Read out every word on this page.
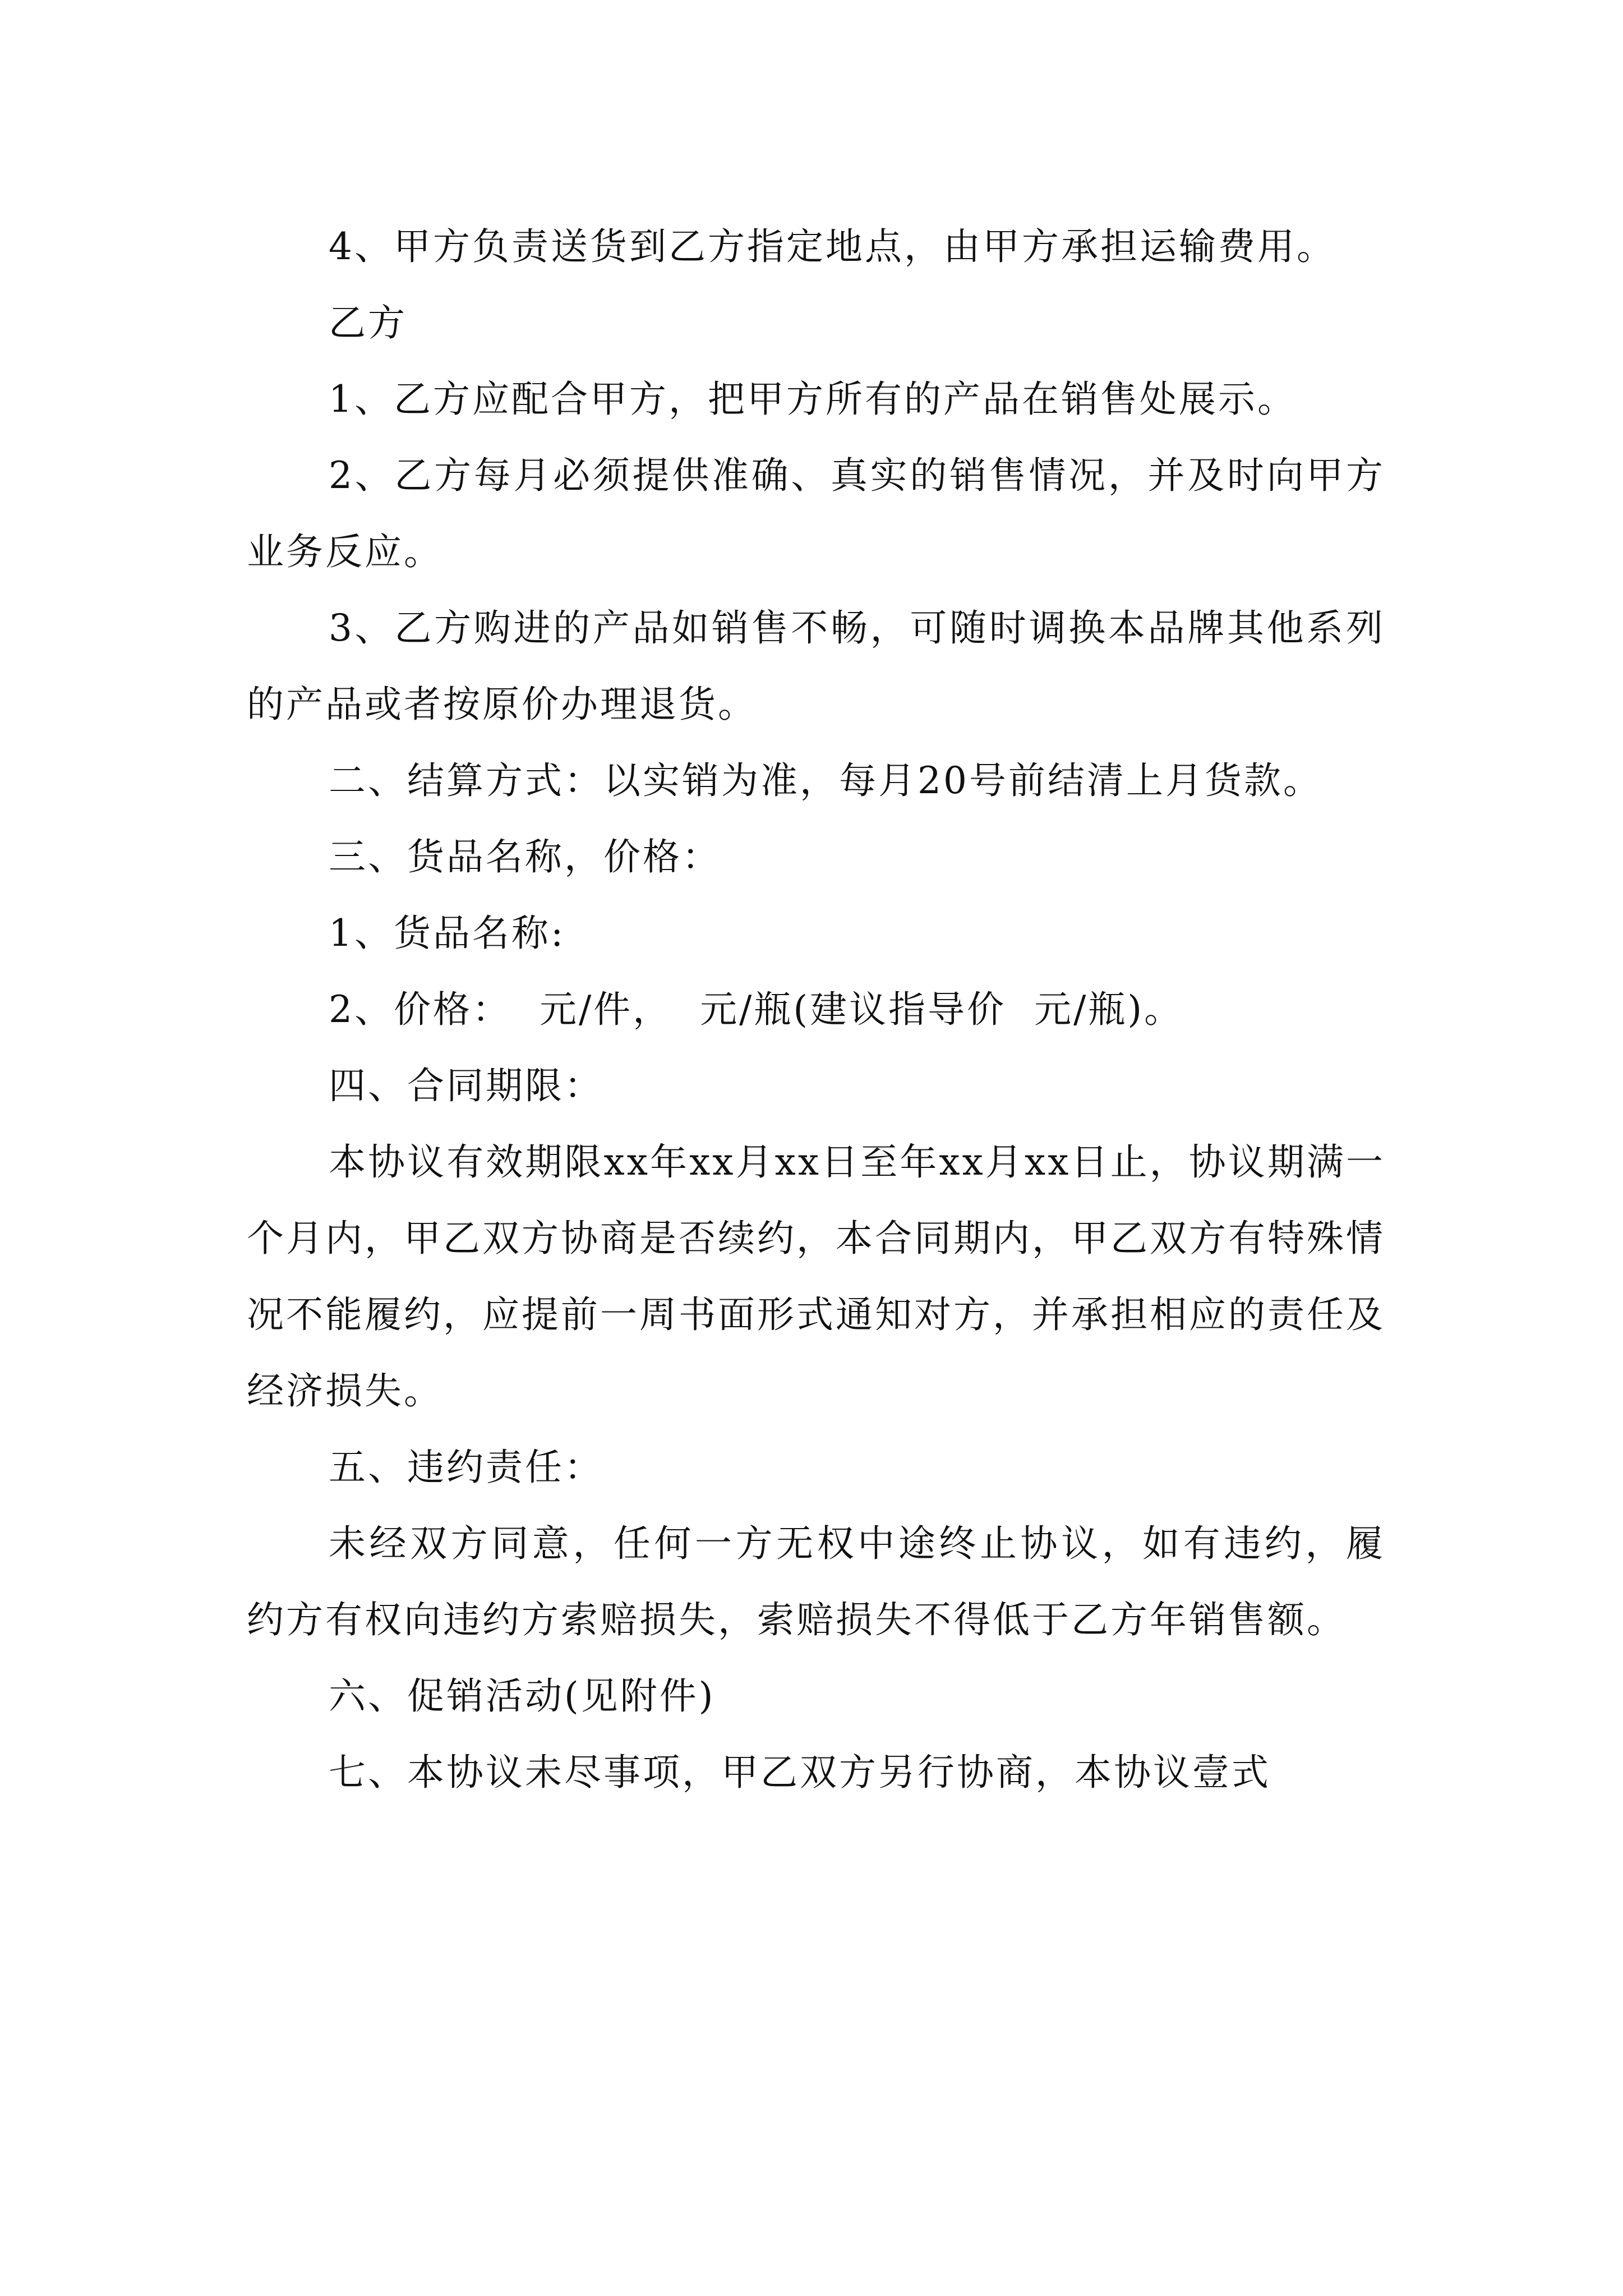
4、甲方负责送货到乙方指定地点，由甲方承担运输费用。

乙方

1、乙方应配合甲方，把甲方所有的产品在销售处展示。

2、乙方每月必须提供准确、真实的销售情况，并及时向甲方业务反应。

3、乙方购进的产品如销售不畅，可随时调换本品牌其他系列的产品或者按原价办理退货。

二、结算方式：以实销为准，每月20号前结清上月货款。

三、货品名称，价格：

1、货品名称:

2、价格：  元/件，  元/瓶(建议指导价  元/瓶)。

四、合同期限：

本协议有效期限xx年xx月xx日至年xx月xx日止，协议期满一个月内，甲乙双方协商是否续约，本合同期内，甲乙双方有特殊情况不能履约，应提前一周书面形式通知对方，并承担相应的责任及经济损失。

五、违约责任：

未经双方同意，任何一方无权中途终止协议，如有违约，履约方有权向违约方索赔损失，索赔损失不得低于乙方年销售额。

六、促销活动(见附件)

七、本协议未尽事项，甲乙双方另行协商，本协议壹式
